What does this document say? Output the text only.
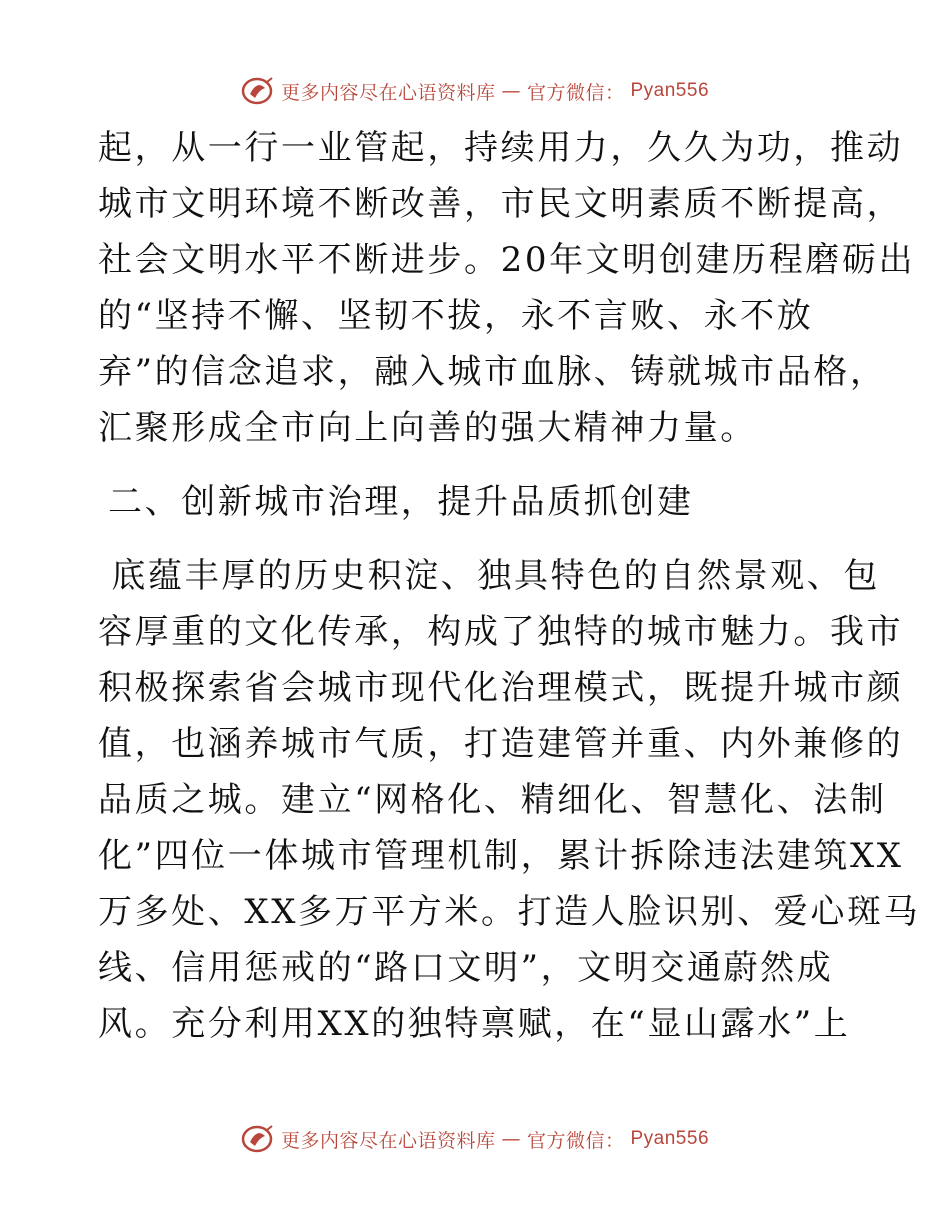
更多内容尽在心语资料库 — 官方微信： Pyan556
起，从一行一业管起，持续用力，久久为功，推动
城市文明环境不断改善，市民文明素质不断提高，
社会文明水平不断进步。20年文明创建历程磨砺出
的“坚持不懈、坚韧不拔，永不言败、永不放
弃”的信念追求，融入城市血脉、铸就城市品格，
汇聚形成全市向上向善的强大精神力量。
二、创新城市治理，提升品质抓创建
底蕴丰厚的历史积淀、独具特色的自然景观、包
容厚重的文化传承，构成了独特的城市魅力。我市
积极探索省会城市现代化治理模式，既提升城市颜
值，也涵养城市气质，打造建管并重、内外兼修的
品质之城。建立“网格化、精细化、智慧化、法制
化”四位一体城市管理机制，累计拆除违法建筑XX
万多处、XX多万平方米。打造人脸识别、爱心斑马
线、信用惩戒的“路口文明”，文明交通蔚然成
风。充分利用XX的独特禀赋，在“显山露水”上
更多内容尽在心语资料库 — 官方微信： Pyan556
